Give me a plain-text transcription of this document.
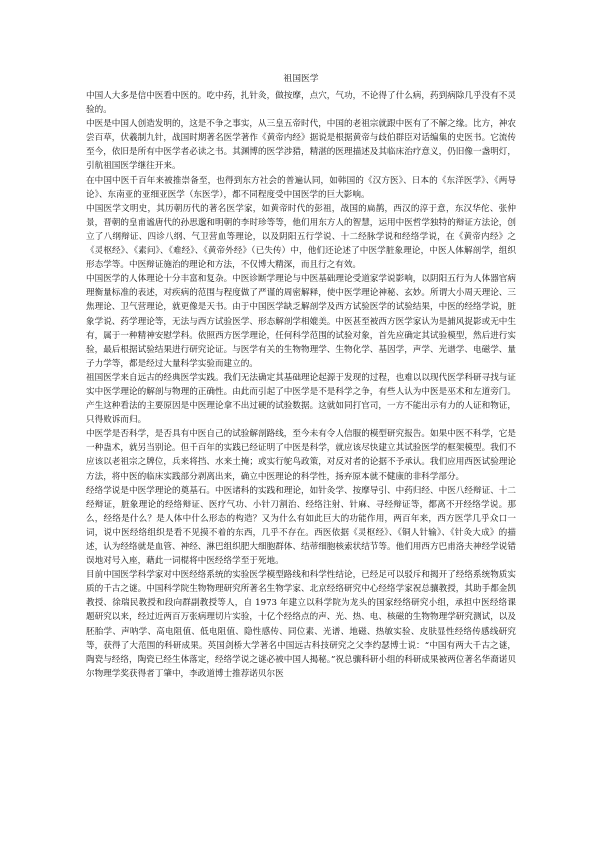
祖国医学

中国人大多是信中医看中医的。吃中药，扎针灸，做按摩，点穴，气功，不论得了什么病，药到病除几乎没有不灵验的。

中医是中国人创造发明的，这是不争之事实，从三皇五帝时代，中国的老祖宗就跟中医有了不解之缘。比方，神农尝百草，伏羲制九针，战国时期著名医学著作《黄帝内经》据说是根据黄帝与歧伯群臣对话编集的史医书。它流传至今，依旧是所有中医学者必读之书。其渊博的医学涉猎，精湛的医理描述及其临床治疗意义，仍旧像一盏明灯，引航祖国医学继往开来。

在中国中医千百年来被推崇备至，也得到东方社会的普遍认同，如韩国的《汉方医》、日本的《东洋医学》、《两导论》、东南亚的亚细亚医学（东医学），都不同程度受中国医学的巨大影响。

中国医学文明史，其历朝历代的著名医学家，如黄帝时代的彭祖，战国的扁鹊，西汉的淳于意，东汉华佗、张仲景，晋朝的皇甫谧唐代的孙思邈和明朝的李时珍等等，他们用东方人的智慧，运用中医哲学独特的辩证方法论，创立了八纲辩证、四诊八纲、气卫营血等理论，以及阴阳五行学说、十二经脉学说和经络学说，在《黄帝内经》之《灵枢经》、《素问》、《难经》、《黄帝外经》（已失传）中，他们还论述了中医学脏象理论，中医人体解剖学，组织形态学等。中医辩证施治的理论和方法，不仅博大精深，而且行之有效。

中国医学的人体理论十分丰富和复杂。中医诊断学理论与中医基础理论受道家学说影响，以阴阳五行为人体器官病理衡量标准的表述，对疾病的范围与程度做了严谨的周密解释，使中医学理论神秘、玄妙。所谓大小周天理论、三焦理论、卫气营理论，就更像是天书。由于中国医学缺乏解剖学及西方试验医学的试验结果，中医的经络学说，脏象学说、药学理论等，无法与西方试验医学、形态解剖学相媲美。中医甚至被西方医学家认为是捕风捉影或无中生有，属于一种精神安慰学科。依照西方医学理论，任何科学范围的试验对象，首先应确定其试验模型，然后进行实验，最后根据试验结果进行研究论证。与医学有关的生物物理学、生物化学、基因学，声学、光谱学、电磁学、量子力学等，都是经过大量科学实验而建立的。

祖国医学来自远古的经典医学实践。我们无法确定其基础理论起源于发现的过程，也难以以现代医学科研寻找与证实中医学理论的解剖与物理的正确性。由此而引起了中医学是不是科学之争，有些人认为中医是巫术和左道旁门。产生这种看法的主要原因是中医理论拿不出过硬的试验数据。这就如同打官司，一方不能出示有力的人证和物证，只得败诉而归。

中医学是否科学，是否具有中医自己的试验解剖路线，至今未有令人信服的模型研究报告。如果中医不科学，它是一种蛊术，就另当别论。但千百年的实践已经证明了中医是科学，就应该尽快建立其试验医学的框架模型。我们不应该以老祖宗之牌位，兵来将挡、水来土掩；或实行鸵鸟政策，对反对者的论据不予承认。我们应用西医试验理论方法，将中医的临床实践部分剥离出来，确立中医理论的科学性，扬弃原本就不健康的非科学部分。

经络学说是中医学理论的奠基石。中医诸科的实践和理论，如针灸学、按摩导引、中药归经、中医八经辩证、十二经辩证，脏象理论的经络辩证、医疗气功、小针刀割治、经络注射、针麻、寻经辩证等，都离不开经络学说。那么，经络是什么？是人体中什么形态的构造？又为什么有如此巨大的功能作用，两百年来，西方医学几乎众口一词，说中医经络组织是看不见摸不着的东西，几乎不存在。西医依据《灵枢经》、《铜人针输》、《针灸大成》的描述，认为经络就是血管、神经、淋巴组织肥大细胞群体、结蒂细胞核索状结节等。他们用西方巴甫洛夫神经学说错误地对号入座，藉此一词棍将中医经络学至于死地。

目前中国医学科学家对中医经络系统的实验医学模型路线和科学性结论，已经足可以驳斥和揭开了经络系统物质实质的千古之谜。中国科学院生物物理研究所著名生物学家、北京经络研究中心经络学家祝总骧教授，其助手都金凯教授、徐瑞民教授和段向群副教授等人，自 1973 年建立以科学院为龙头的国家经络研究小组，承担中医经络课题研究以来，经过近两百万张病理切片实验，十亿个经络点的声、光、热、电、核磁的生物物理学研究测试，以及胚胎学、声呐学、高电阻值、低电阻值、隐性感传、同位素、光谱、地磁、热敏实验、皮肤显性经络传感线研究等，获得了大范围的科研成果。英国剑桥大学著名中国远古科技研究之父李约瑟博士说：“中国有两大千古之谜，陶瓷与经络，陶瓷已经生体落定，经络学说之谜必被中国人揭秘。”祝总骧科研小组的科研成果被两位著名华裔诺贝尔物理学奖获得者丁肇中，李政道博士推荐诺贝尔医
